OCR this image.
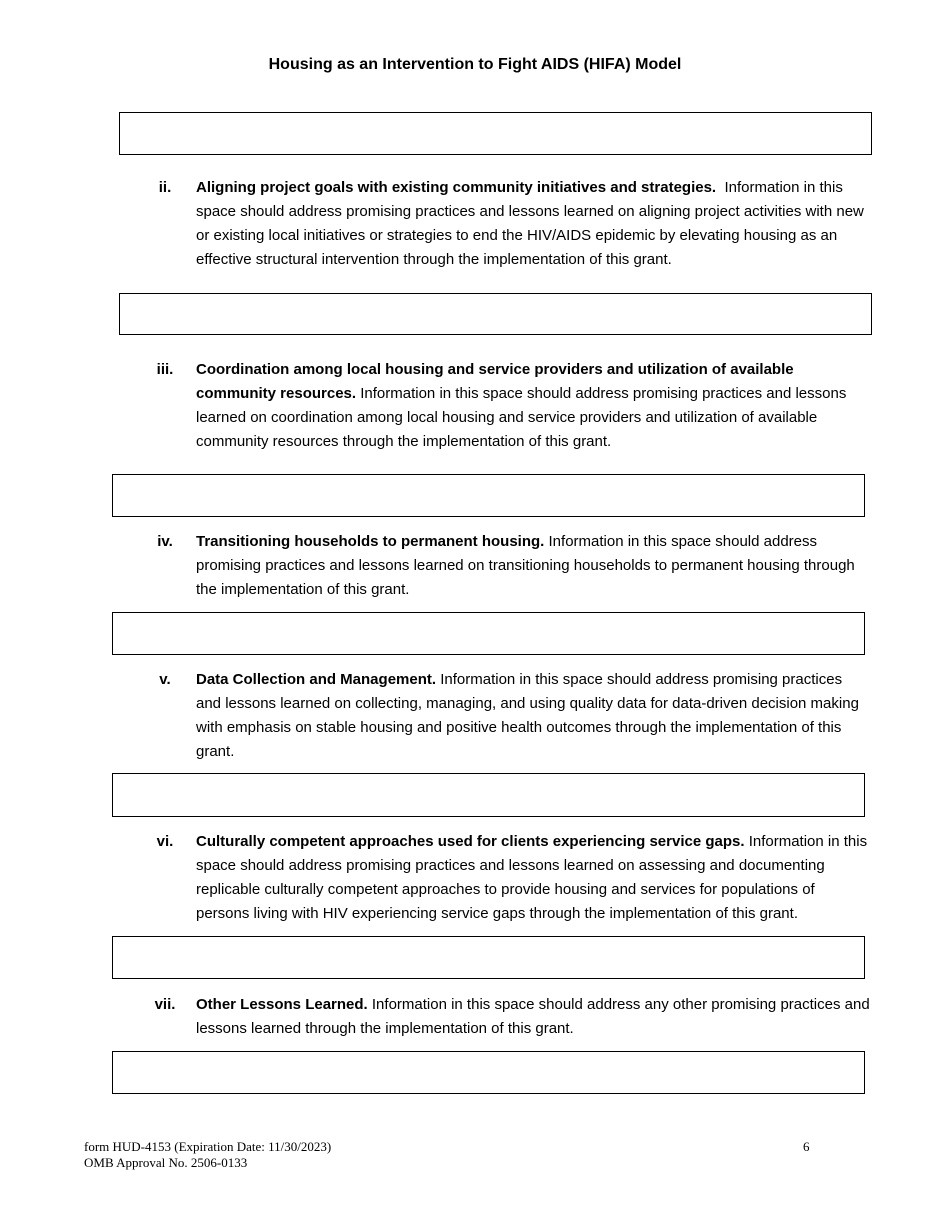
Housing as an Intervention to Fight AIDS (HIFA) Model
ii.	Aligning project goals with existing community initiatives and strategies. Information in this space should address promising practices and lessons learned on aligning project activities with new or existing local initiatives or strategies to end the HIV/AIDS epidemic by elevating housing as an effective structural intervention through the implementation of this grant.
iii.	Coordination among local housing and service providers and utilization of available community resources. Information in this space should address promising practices and lessons learned on coordination among local housing and service providers and utilization of available community resources through the implementation of this grant.
iv.	Transitioning households to permanent housing. Information in this space should address promising practices and lessons learned on transitioning households to permanent housing through the implementation of this grant.
v.	Data Collection and Management. Information in this space should address promising practices and lessons learned on collecting, managing, and using quality data for data-driven decision making with emphasis on stable housing and positive health outcomes through the implementation of this grant.
vi.	Culturally competent approaches used for clients experiencing service gaps. Information in this space should address promising practices and lessons learned on assessing and documenting replicable culturally competent approaches to provide housing and services for populations of persons living with HIV experiencing service gaps through the implementation of this grant.
vii.	Other Lessons Learned. Information in this space should address any other promising practices and lessons learned through the implementation of this grant.
form HUD-4153 (Expiration Date: 11/30/2023)
OMB Approval No. 2506-0133
6
